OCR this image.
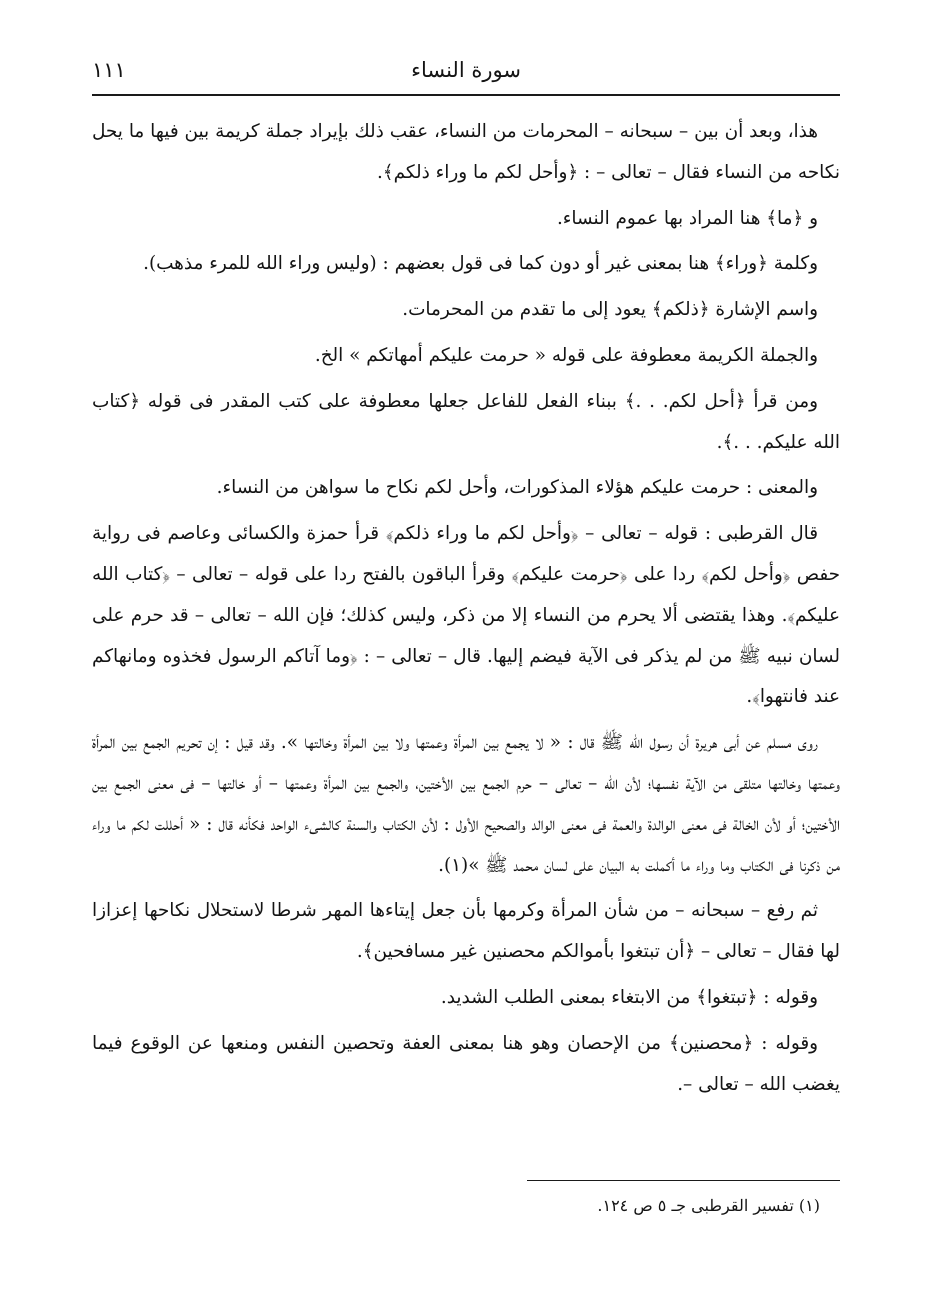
سورة النساء
١١١

هذا، وبعد أن بين – سبحانه – المحرمات من النساء، عقب ذلك بإيراد جملة كريمة بين فيها ما يحل نكاحه من النساء فقال – تعالى – : ﴿وأحل لكم ما وراء ذلكم﴾.

و ﴿ما﴾ هنا المراد بها عموم النساء.

وكلمة ﴿وراء﴾ هنا بمعنى غير أو دون كما فى قول بعضهم : (وليس وراء الله للمرء مذهب).

واسم الإشارة ﴿ذلكم﴾ يعود إلى ما تقدم من المحرمات.

والجملة الكريمة معطوفة على قوله « حرمت عليكم أمهاتكم » الخ.

ومن قرأ ﴿أحل لكم. . .﴾ ببناء الفعل للفاعل جعلها معطوفة على كتب المقدر فى قوله ﴿كتاب الله عليكم. . .﴾.

والمعنى : حرمت عليكم هؤلاء المذكورات، وأحل لكم نكاح ما سواهن من النساء.

قال القرطبى : قوله – تعالى – ﴿وأحل لكم ما وراء ذلكم﴾ قرأ حمزة والكسائى وعاصم فى رواية حفص ﴿وأحل لكم﴾ ردا على ﴿حرمت عليكم﴾ وقرأ الباقون بالفتح ردا على قوله – تعالى – ﴿كتاب الله عليكم﴾. وهذا يقتضى ألا يحرم من النساء إلا من ذكر، وليس كذلك؛ فإن الله – تعالى – قد حرم على لسان نبيه ﷺ من لم يذكر فى الآية فيضم إليها. قال – تعالى – : ﴿وما آتاكم الرسول فخذوه ومانهاكم عند فانتهوا﴾.

روى مسلم عن أبى هريرة أن رسول الله ﷺ قال : « لا يجمع بين المرأة وعمتها ولا بين المرأة وخالتها ». وقد قيل : إن تحريم الجمع بين المرأة وعمتها وخالتها متلقى من الآية نفسها؛ لأن الله – تعالى – حرم الجمع بين الأختين، والجمع بين المرأة وعمتها – أو خالتها – فى معنى الجمع بين الأختين؛ أو لأن الخالة فى معنى الوالدة والعمة فى معنى الوالد والصحيح الأول : لأن الكتاب والسنة كالشىء الواحد فكأنه قال : « أحللت لكم ما وراء من ذكرنا فى الكتاب وما وراء ما أكملت به البيان على لسان محمد ﷺ »(١).

ثم رفع – سبحانه – من شأن المرأة وكرمها بأن جعل إيتاءها المهر شرطا لاستحلال نكاحها إعزازا لها فقال – تعالى – ﴿أن تبتغوا بأموالكم محصنين غير مسافحين﴾.

وقوله : ﴿تبتغوا﴾ من الابتغاء بمعنى الطلب الشديد.

وقوله : ﴿محصنين﴾ من الإحصان وهو هنا بمعنى العفة وتحصين النفس ومنعها عن الوقوع فيما يغضب الله – تعالى –.

(١) تفسير القرطبى جـ ٥ ص ١٢٤.
